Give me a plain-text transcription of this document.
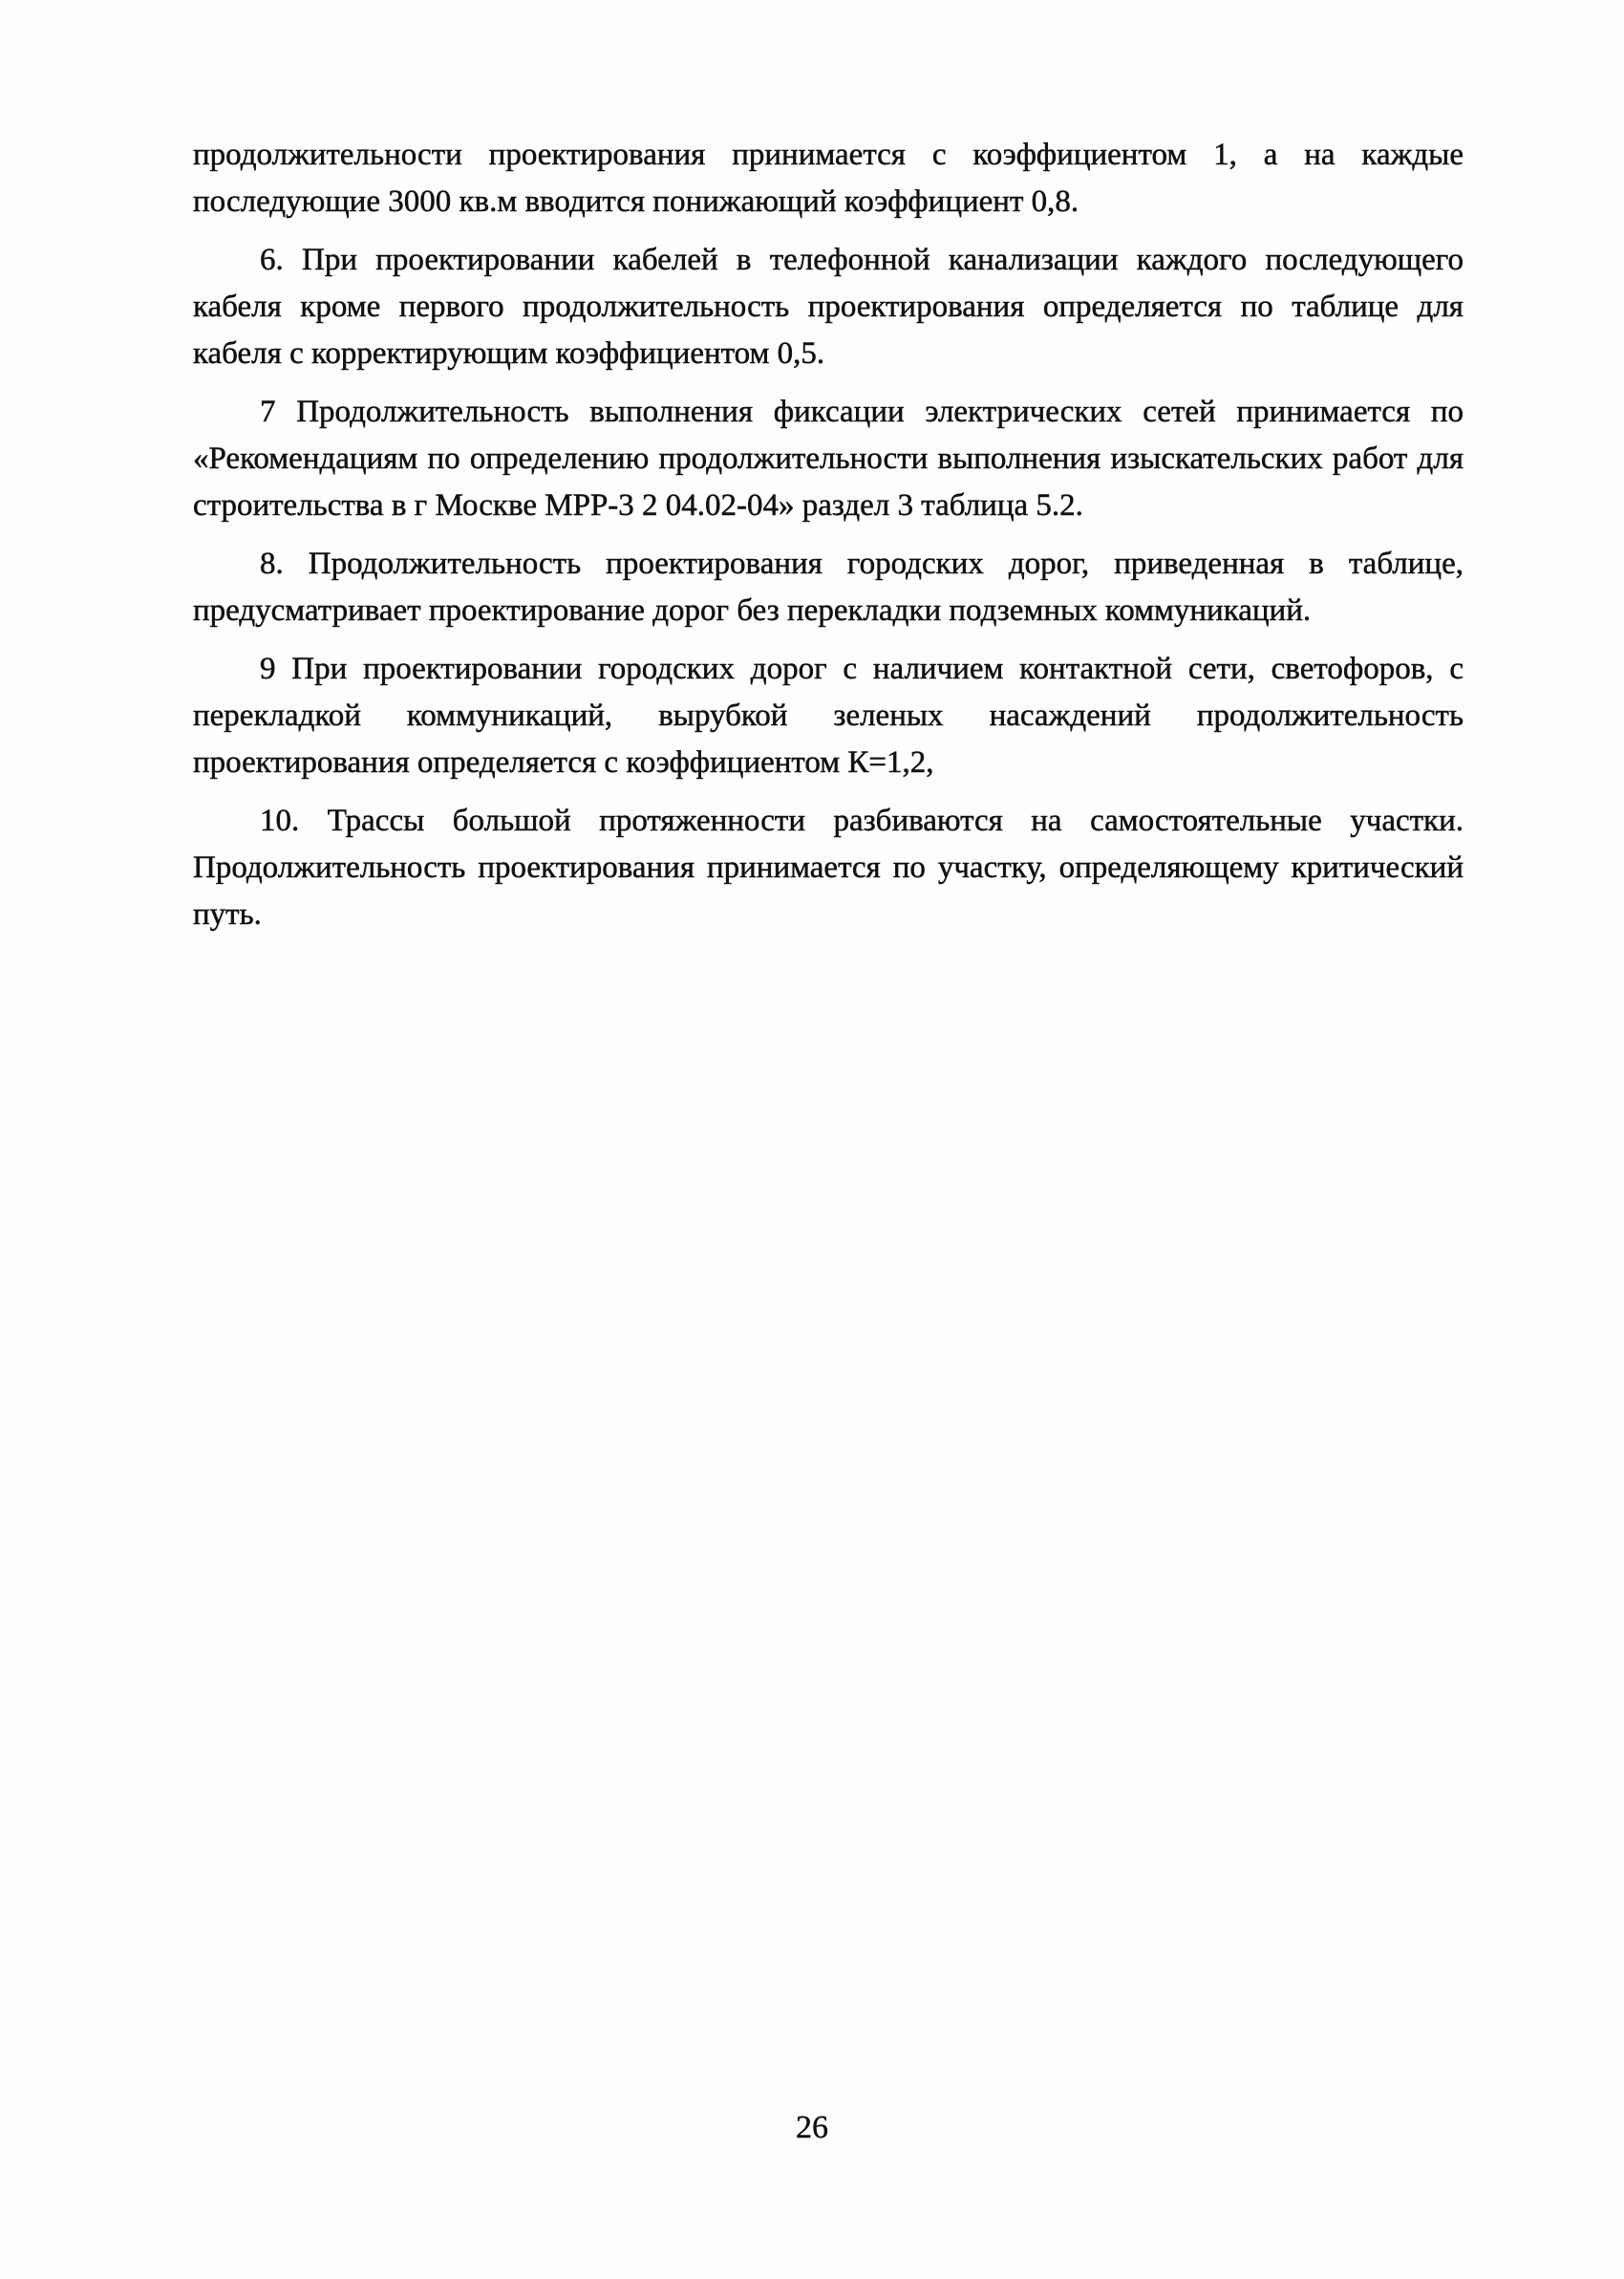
продолжительности проектирования принимается с коэффициентом 1, а на каждые последующие 3000 кв.м вводится понижающий коэффициент 0,8.

6. При проектировании кабелей в телефонной канализации каждого последующего кабеля кроме первого продолжительность проектирования определяется по таблице для кабеля с корректирующим коэффициентом 0,5.

7 Продолжительность выполнения фиксации электрических сетей принимается по «Рекомендациям по определению продолжительности выполнения изыскательских работ для строительства в г Москве МРР-3 2 04.02-04» раздел 3 таблица 5.2.

8. Продолжительность проектирования городских дорог, приведенная в таблице, предусматривает проектирование дорог без перекладки подземных коммуникаций.

9 При проектировании городских дорог с наличием контактной сети, светофоров, с перекладкой коммуникаций, вырубкой зеленых насаждений продолжительность проектирования определяется с коэффициентом К=1,2,

10. Трассы большой протяженности разбиваются на самостоятельные участки. Продолжительность проектирования принимается по участку, определяющему критический путь.

26
